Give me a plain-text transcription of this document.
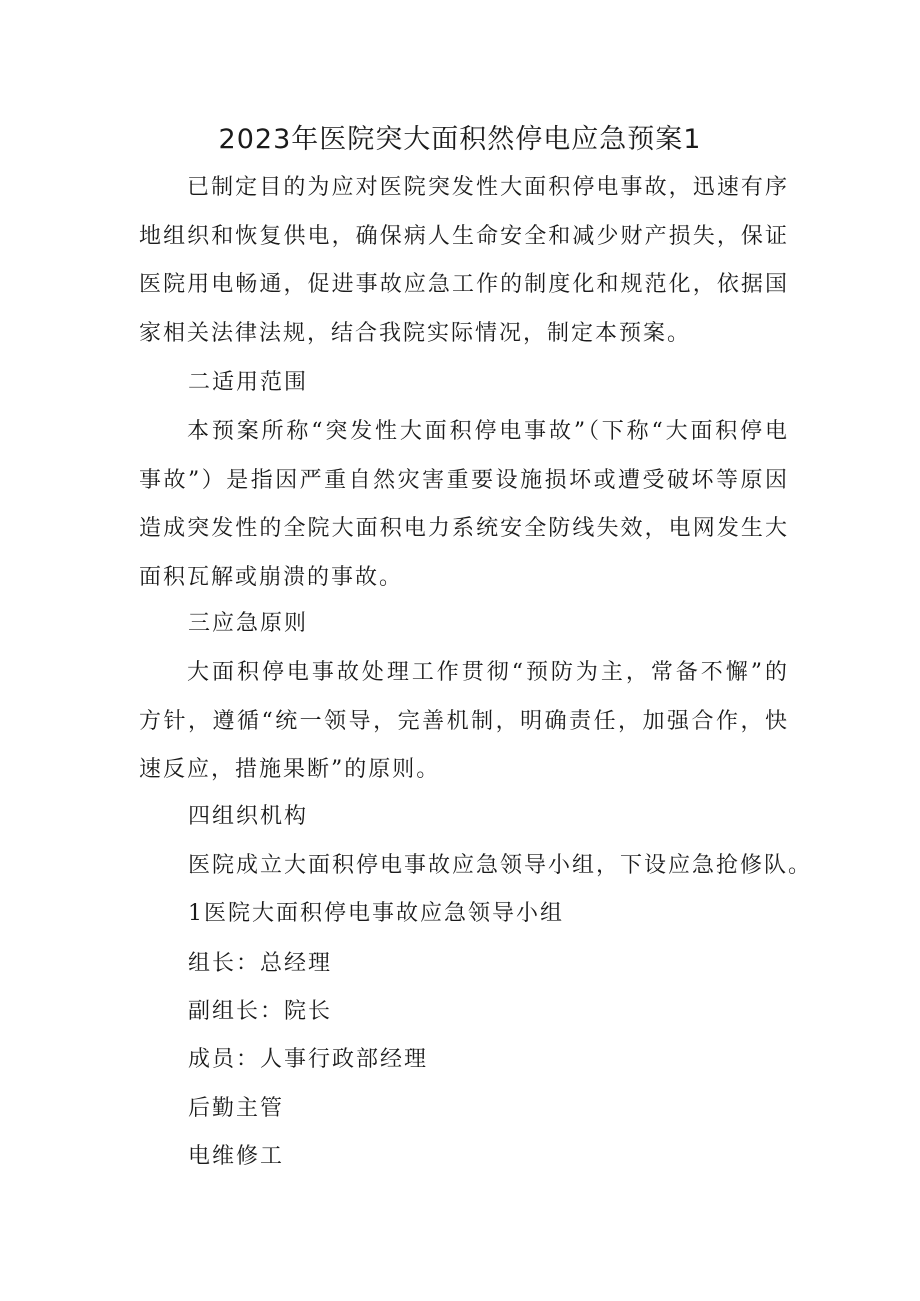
2023年医院突大面积然停电应急预案1

已制定目的为应对医院突发性大面积停电事故，迅速有序地组织和恢复供电，确保病人生命安全和减少财产损失，保证医院用电畅通，促进事故应急工作的制度化和规范化，依据国家相关法律法规，结合我院实际情况，制定本预案。

二适用范围

本预案所称“突发性大面积停电事故”（下称“大面积停电事故”）是指因严重自然灾害重要设施损坏或遭受破坏等原因造成突发性的全院大面积电力系统安全防线失效，电网发生大面积瓦解或崩溃的事故。

三应急原则

大面积停电事故处理工作贯彻“预防为主，常备不懈”的方针，遵循“统一领导，完善机制，明确责任，加强合作，快速反应，措施果断”的原则。

四组织机构

医院成立大面积停电事故应急领导小组，下设应急抢修队。

1医院大面积停电事故应急领导小组

组长：总经理

副组长：院长

成员：人事行政部经理

后勤主管

电维修工
